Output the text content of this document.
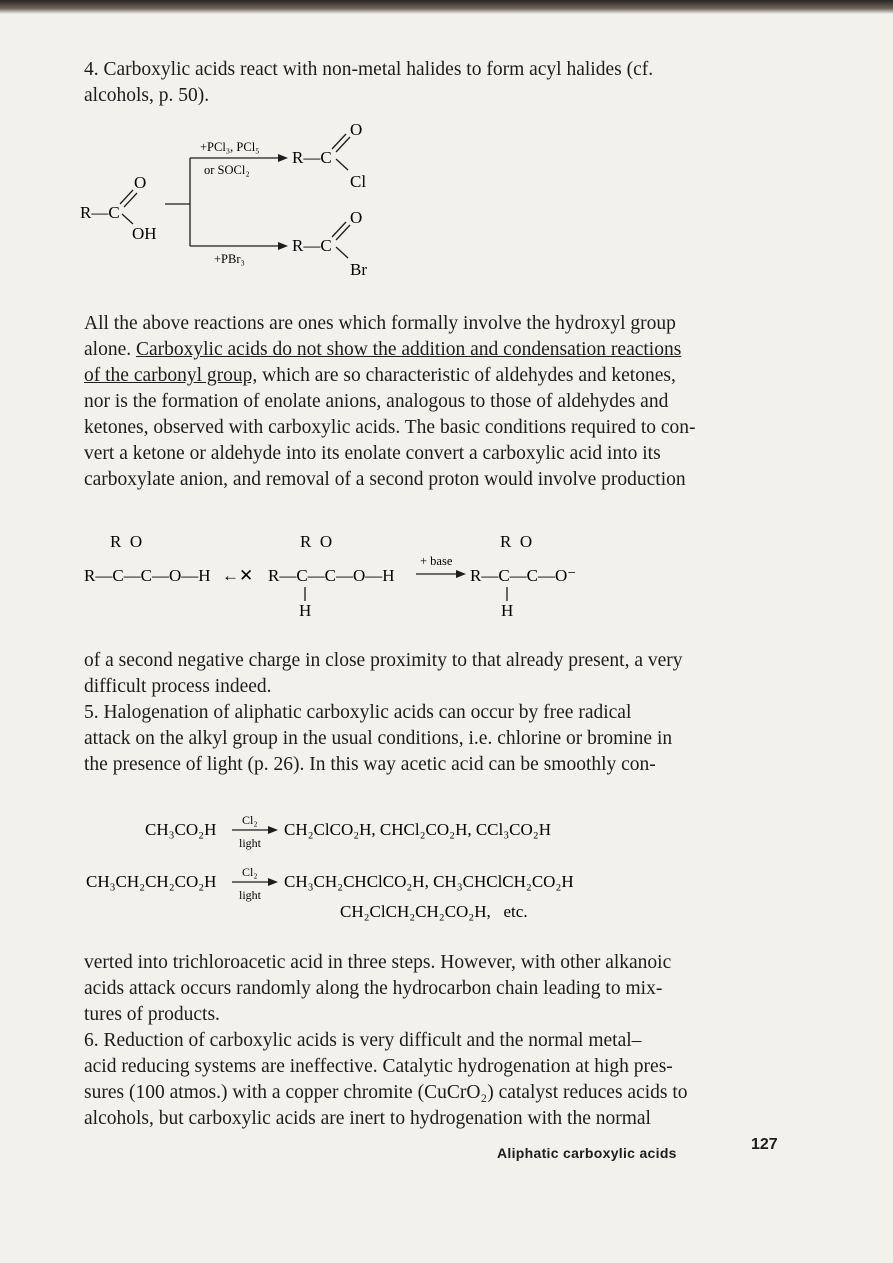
4. Carboxylic acids react with non-metal halides to form acyl halides (cf.

alcohols, p. 50).

R—C
O
OH
+PCl₃, PCl₅
or SOCl₂
+PBr₃
R—C
O
Cl
R—C
O
Br

All the above reactions are ones which formally involve the hydroxyl group

alone. Carboxylic acids do not show the addition and condensation reactions

of the carbonyl group, which are so characteristic of aldehydes and ketones,

nor is the formation of enolate anions, analogous to those of aldehydes and

ketones, observed with carboxylic acids. The basic conditions required to con-

vert a ketone or aldehyde into its enolate convert a carboxylic acid into its

carboxylate anion, and removal of a second proton would involve production

R  O
R—C—C—O—H ←✕
R  O
R—C—C—O—H
H
+ base
R  O
R—C—C—O⁻
H

of a second negative charge in close proximity to that already present, a very

difficult process indeed.

5. Halogenation of aliphatic carboxylic acids can occur by free radical

attack on the alkyl group in the usual conditions, i.e. chlorine or bromine in

the presence of light (p. 26). In this way acetic acid can be smoothly con-

CH₃CO₂H Cl₂
light
CH₂ClCO₂H, CHCl₂CO₂H, CCl₃CO₂H
CH₃CH₂CH₂CO₂H Cl₂
light
CH₃CH₂CHClCO₂H, CH₃CHClCH₂CO₂H
CH₂ClCH₂CH₂CO₂H,   etc.

verted into trichloroacetic acid in three steps. However, with other alkanoic

acids attack occurs randomly along the hydrocarbon chain leading to mix-

tures of products.

6. Reduction of carboxylic acids is very difficult and the normal metal–

acid reducing systems are ineffective. Catalytic hydrogenation at high pres-

sures (100 atmos.) with a copper chromite (CuCrO₂) catalyst reduces acids to

alcohols, but carboxylic acids are inert to hydrogenation with the normal

Aliphatic carboxylic acids	127
